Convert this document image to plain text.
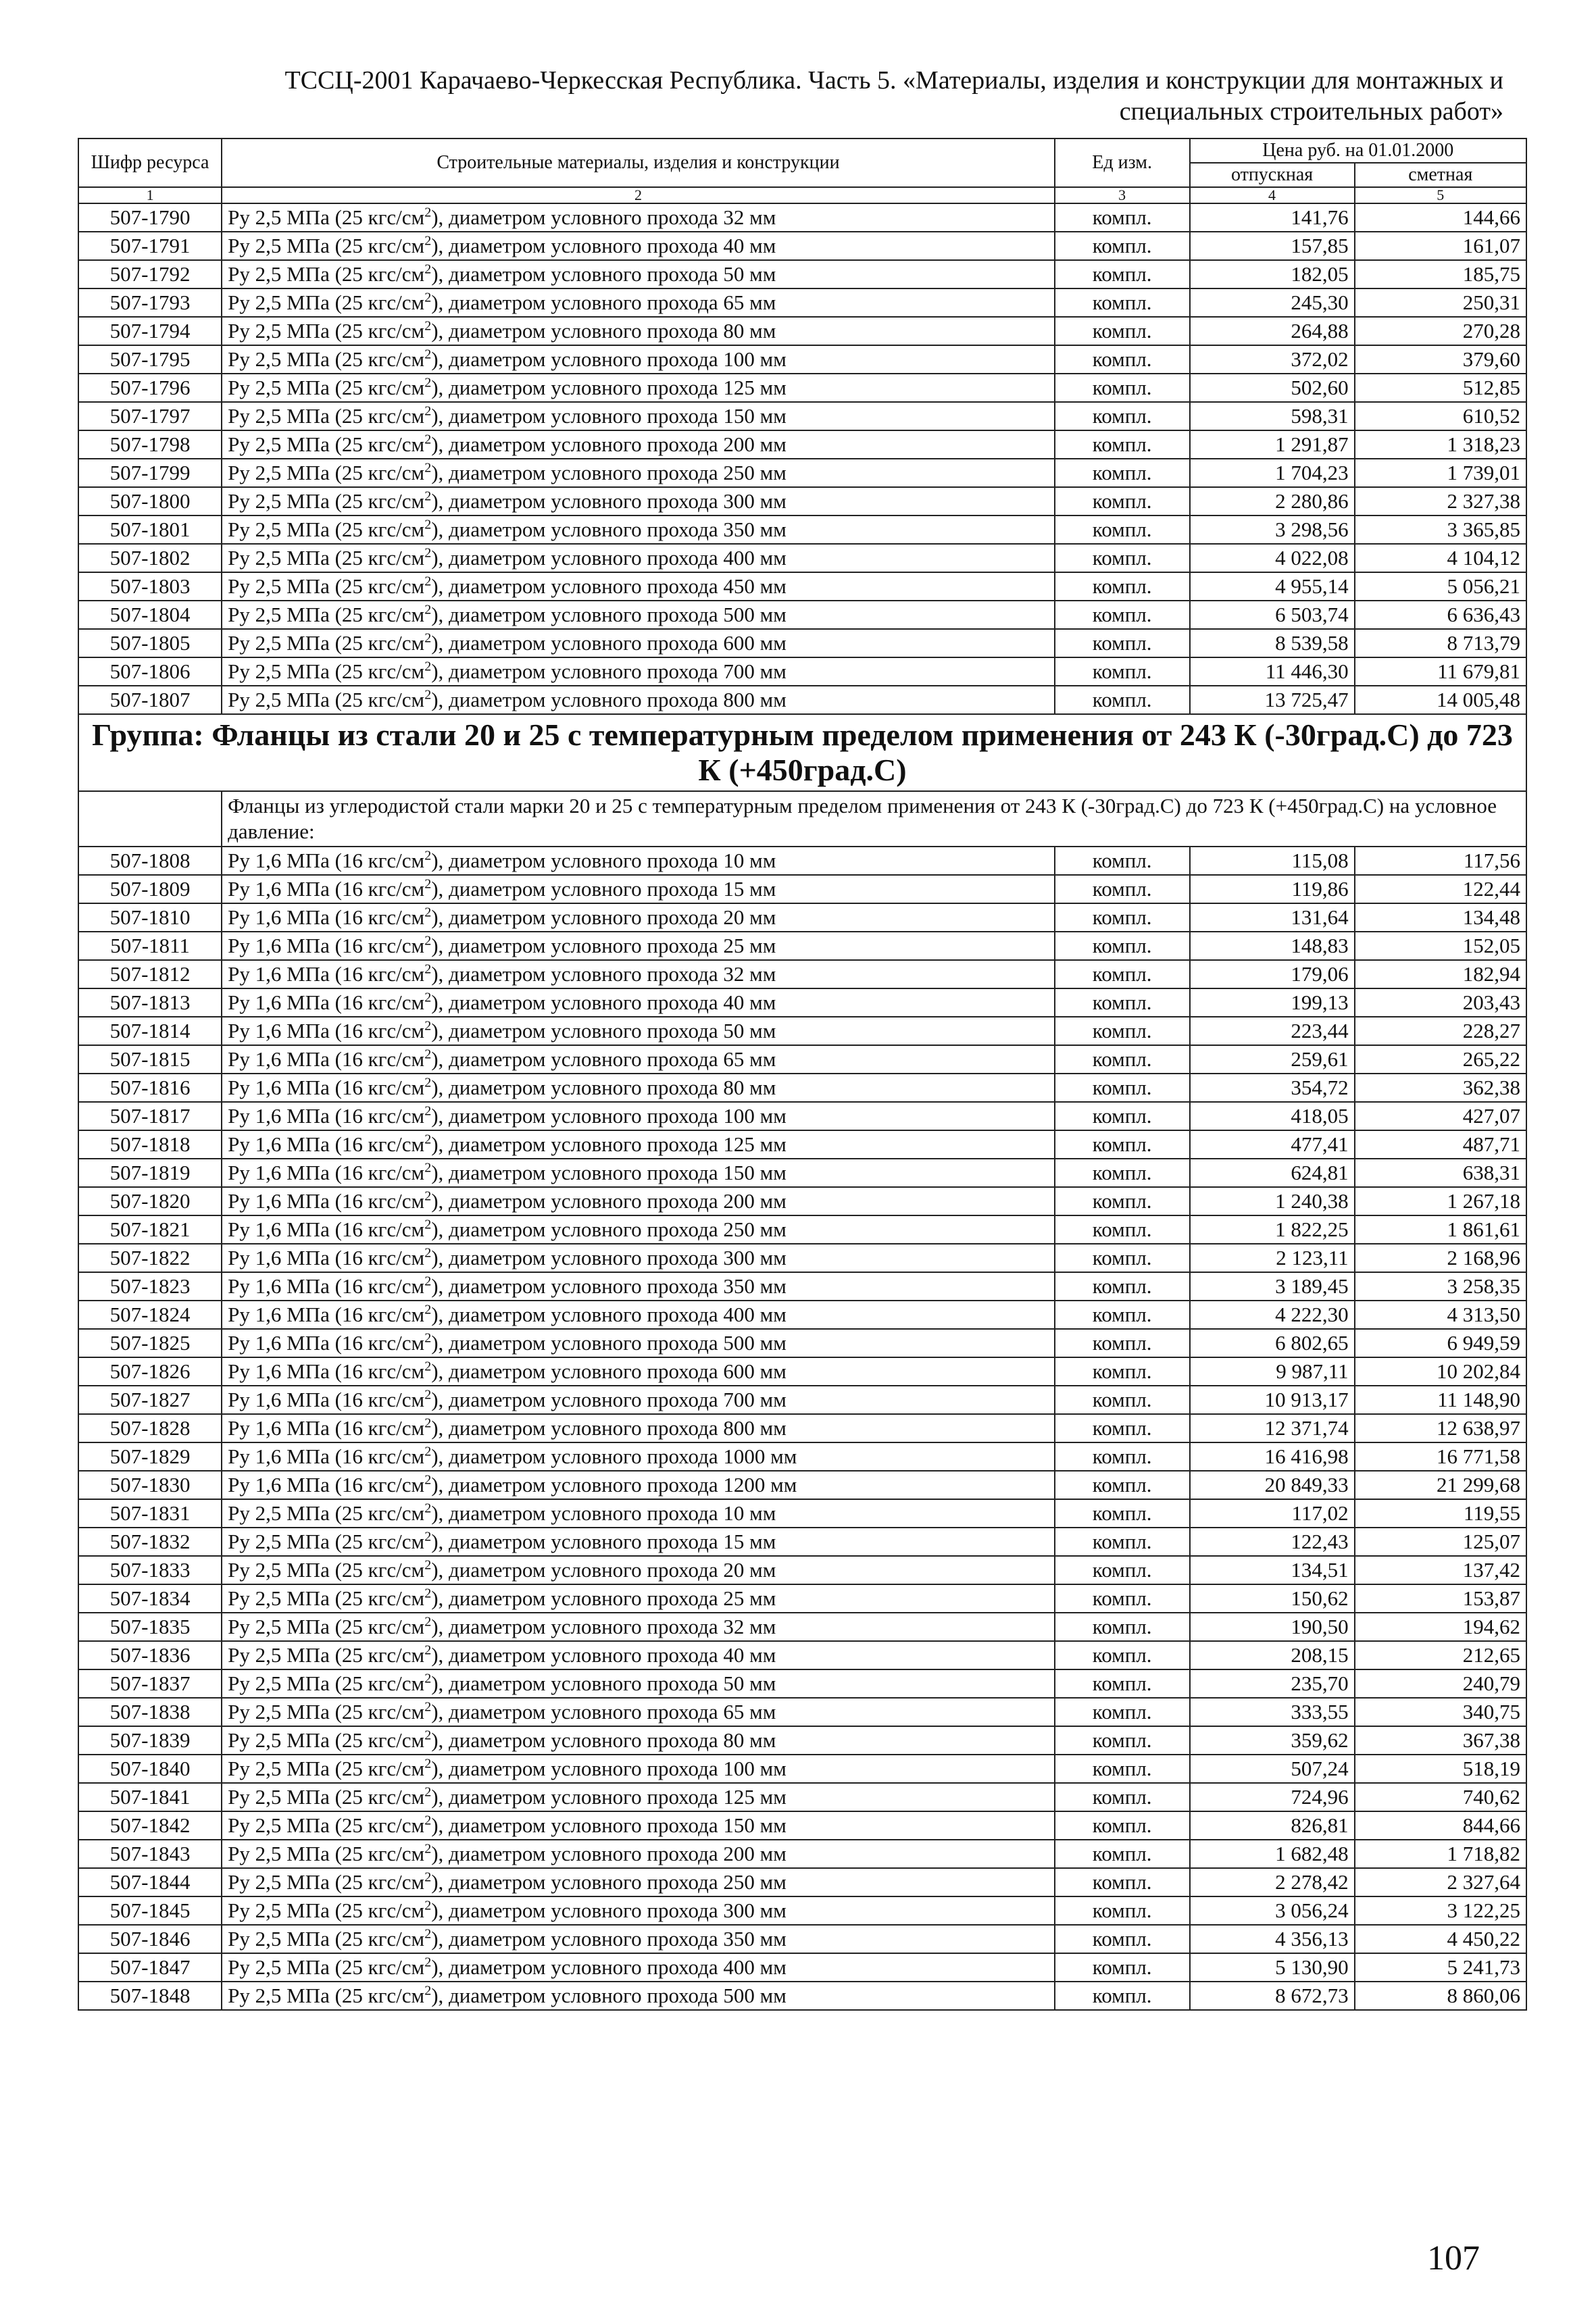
ТССЦ-2001 Карачаево-Черкесская Республика. Часть 5. «Материалы, изделия и конструкции для монтажных и
специальных строительных работ»
Шифр ресурса	Строительные материалы, изделия и конструкции	Ед изм.	Цена руб. на 01.01.2000	
			отпускная	сметная
1	2	3	4	5
507-1790	Ру 2,5 МПа (25 кгс/$см^2$), диаметром условного прохода 32 мм	компл.	141,76	144,66
507-1791	Ру 2,5 МПа (25 кгс/$см^2$), диаметром условного прохода 40 мм	компл.	157,85	161,07
507-1792	Ру 2,5 МПа (25 кгс/$см^2$), диаметром условного прохода 50 мм	компл.	182,05	185,75
507-1793	Ру 2,5 МПа (25 кгс/$см^2$), диаметром условного прохода 65 мм	компл.	245,30	250,31
507-1794	Ру 2,5 МПа (25 кгс/$см^2$), диаметром условного прохода 80 мм	компл.	264,88	270,28
507-1795	Ру 2,5 МПа (25 кгс/$см^2$), диаметром условного прохода 100 мм	компл.	372,02	379,60
507-1796	Ру 2,5 МПа (25 кгс/$см^2$), диаметром условного прохода 125 мм	компл.	502,60	512,85
507-1797	Ру 2,5 МПа (25 кгс/$см^2$), диаметром условного прохода 150 мм	компл.	598,31	610,52
507-1798	Ру 2,5 МПа (25 кгс/$см^2$), диаметром условного прохода 200 мм	компл.	1 291,87	1 318,23
507-1799	Ру 2,5 МПа (25 кгс/$см^2$), диаметром условного прохода 250 мм	компл.	1 704,23	1 739,01
507-1800	Ру 2,5 МПа (25 кгс/$см^2$), диаметром условного прохода 300 мм	компл.	2 280,86	2 327,38
507-1801	Ру 2,5 МПа (25 кгс/$см^2$), диаметром условного прохода 350 мм	компл.	3 298,56	3 365,85
507-1802	Ру 2,5 МПа (25 кгс/$см^2$), диаметром условного прохода 400 мм	компл.	4 022,08	4 104,12
507-1803	Ру 2,5 МПа (25 кгс/$см^2$), диаметром условного прохода 450 мм	компл.	4 955,14	5 056,21
507-1804	Ру 2,5 МПа (25 кгс/$см^2$), диаметром условного прохода 500 мм	компл.	6 503,74	6 636,43
507-1805	Ру 2,5 МПа (25 кгс/$см^2$), диаметром условного прохода 600 мм	компл.	8 539,58	8 713,79
507-1806	Ру 2,5 МПа (25 кгс/$см^2$), диаметром условного прохода 700 мм	компл.	11 446,30	11 679,81
507-1807	Ру 2,5 МПа (25 кгс/$см^2$), диаметром условного прохода 800 мм	компл.	13 725,47	14 005,48
Группа: Фланцы из стали 20 и 25 с температурным пределом применения от 243 К (-30град.С) до 723 К (+450град.С)				
	Фланцы из углеродистой стали марки 20 и 25 с температурным пределом применения от 243 К (-30град.С) до 723 К (+450град.С) на условное давление:			
507-1808	Ру 1,6 МПа (16 кгс/$см^2$), диаметром условного прохода 10 мм	компл.	115,08	117,56
507-1809	Ру 1,6 МПа (16 кгс/$см^2$), диаметром условного прохода 15 мм	компл.	119,86	122,44
507-1810	Ру 1,6 МПа (16 кгс/$см^2$), диаметром условного прохода 20 мм	компл.	131,64	134,48
507-1811	Ру 1,6 МПа (16 кгс/$см^2$), диаметром условного прохода 25 мм	компл.	148,83	152,05
507-1812	Ру 1,6 МПа (16 кгс/$см^2$), диаметром условного прохода 32 мм	компл.	179,06	182,94
507-1813	Ру 1,6 МПа (16 кгс/$см^2$), диаметром условного прохода 40 мм	компл.	199,13	203,43
507-1814	Ру 1,6 МПа (16 кгс/$см^2$), диаметром условного прохода 50 мм	компл.	223,44	228,27
507-1815	Ру 1,6 МПа (16 кгс/$см^2$), диаметром условного прохода 65 мм	компл.	259,61	265,22
507-1816	Ру 1,6 МПа (16 кгс/$см^2$), диаметром условного прохода 80 мм	компл.	354,72	362,38
507-1817	Ру 1,6 МПа (16 кгс/$см^2$), диаметром условного прохода 100 мм	компл.	418,05	427,07
507-1818	Ру 1,6 МПа (16 кгс/$см^2$), диаметром условного прохода 125 мм	компл.	477,41	487,71
507-1819	Ру 1,6 МПа (16 кгс/$см^2$), диаметром условного прохода 150 мм	компл.	624,81	638,31
507-1820	Ру 1,6 МПа (16 кгс/$см^2$), диаметром условного прохода 200 мм	компл.	1 240,38	1 267,18
507-1821	Ру 1,6 МПа (16 кгс/$см^2$), диаметром условного прохода 250 мм	компл.	1 822,25	1 861,61
507-1822	Ру 1,6 МПа (16 кгс/$см^2$), диаметром условного прохода 300 мм	компл.	2 123,11	2 168,96
507-1823	Ру 1,6 МПа (16 кгс/$см^2$), диаметром условного прохода 350 мм	компл.	3 189,45	3 258,35
507-1824	Ру 1,6 МПа (16 кгс/$см^2$), диаметром условного прохода 400 мм	компл.	4 222,30	4 313,50
507-1825	Ру 1,6 МПа (16 кгс/$см^2$), диаметром условного прохода 500 мм	компл.	6 802,65	6 949,59
507-1826	Ру 1,6 МПа (16 кгс/$см^2$), диаметром условного прохода 600 мм	компл.	9 987,11	10 202,84
507-1827	Ру 1,6 МПа (16 кгс/$см^2$), диаметром условного прохода 700 мм	компл.	10 913,17	11 148,90
507-1828	Ру 1,6 МПа (16 кгс/$см^2$), диаметром условного прохода 800 мм	компл.	12 371,74	12 638,97
507-1829	Ру 1,6 МПа (16 кгс/$см^2$), диаметром условного прохода 1000 мм	компл.	16 416,98	16 771,58
507-1830	Ру 1,6 МПа (16 кгс/$см^2$), диаметром условного прохода 1200 мм	компл.	20 849,33	21 299,68
507-1831	Ру 2,5 МПа (25 кгс/$см^2$), диаметром условного прохода 10 мм	компл.	117,02	119,55
507-1832	Ру 2,5 МПа (25 кгс/$см^2$), диаметром условного прохода 15 мм	компл.	122,43	125,07
507-1833	Ру 2,5 МПа (25 кгс/$см^2$), диаметром условного прохода 20 мм	компл.	134,51	137,42
507-1834	Ру 2,5 МПа (25 кгс/$см^2$), диаметром условного прохода 25 мм	компл.	150,62	153,87
507-1835	Ру 2,5 МПа (25 кгс/$см^2$), диаметром условного прохода 32 мм	компл.	190,50	194,62
507-1836	Ру 2,5 МПа (25 кгс/$см^2$), диаметром условного прохода 40 мм	компл.	208,15	212,65
507-1837	Ру 2,5 МПа (25 кгс/$см^2$), диаметром условного прохода 50 мм	компл.	235,70	240,79
507-1838	Ру 2,5 МПа (25 кгс/$см^2$), диаметром условного прохода 65 мм	компл.	333,55	340,75
507-1839	Ру 2,5 МПа (25 кгс/$см^2$), диаметром условного прохода 80 мм	компл.	359,62	367,38
507-1840	Ру 2,5 МПа (25 кгс/$см^2$), диаметром условного прохода 100 мм	компл.	507,24	518,19
507-1841	Ру 2,5 МПа (25 кгс/$см^2$), диаметром условного прохода 125 мм	компл.	724,96	740,62
507-1842	Ру 2,5 МПа (25 кгс/$см^2$), диаметром условного прохода 150 мм	компл.	826,81	844,66
507-1843	Ру 2,5 МПа (25 кгс/$см^2$), диаметром условного прохода 200 мм	компл.	1 682,48	1 718,82
507-1844	Ру 2,5 МПа (25 кгс/$см^2$), диаметром условного прохода 250 мм	компл.	2 278,42	2 327,64
507-1845	Ру 2,5 МПа (25 кгс/$см^2$), диаметром условного прохода 300 мм	компл.	3 056,24	3 122,25
507-1846	Ру 2,5 МПа (25 кгс/$см^2$), диаметром условного прохода 350 мм	компл.	4 356,13	4 450,22
507-1847	Ру 2,5 МПа (25 кгс/$см^2$), диаметром условного прохода 400 мм	компл.	5 130,90	5 241,73
507-1848	Ру 2,5 МПа (25 кгс/$см^2$), диаметром условного прохода 500 мм	компл.	8 672,73	8 860,06
107
